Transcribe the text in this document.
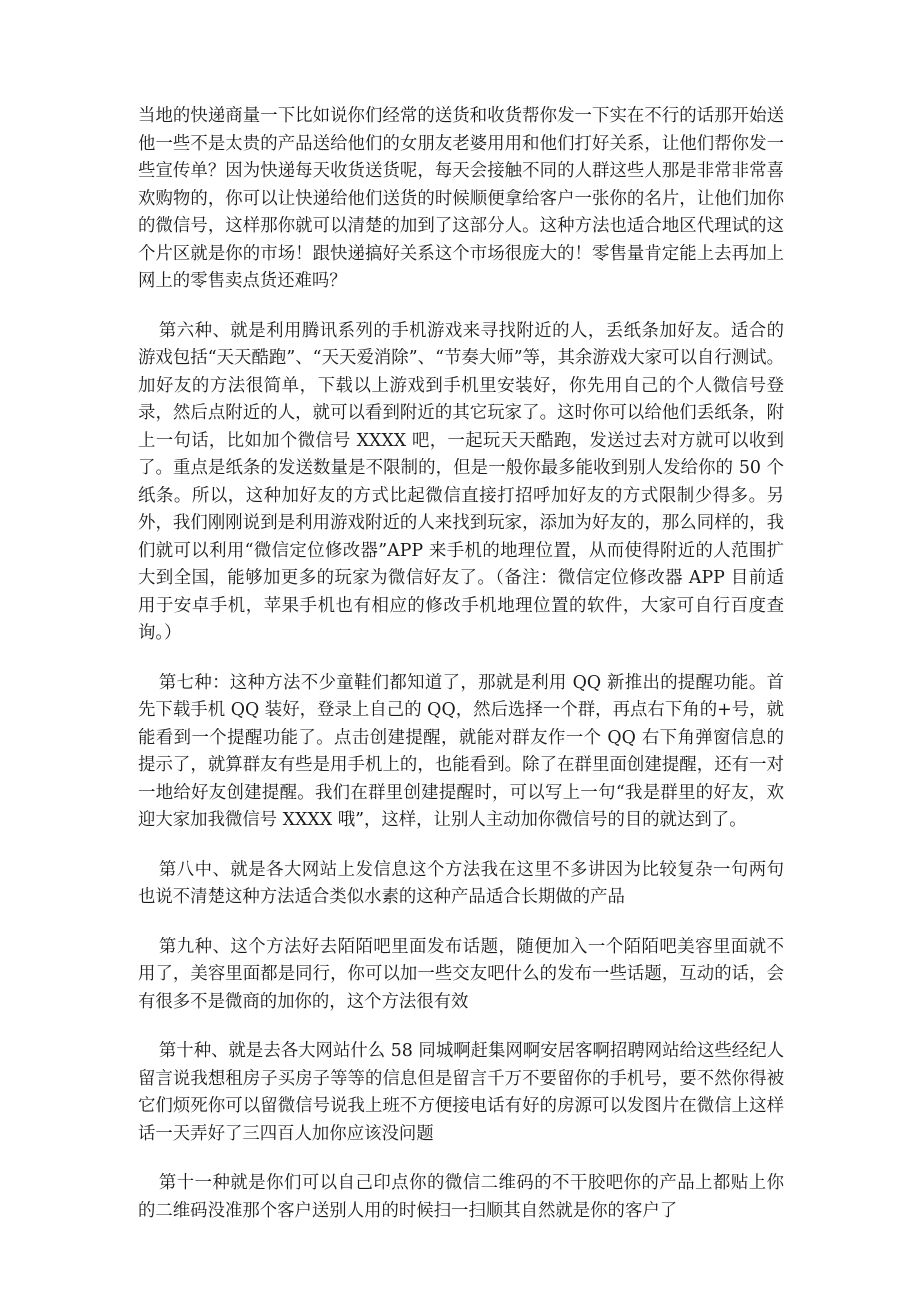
当地的快递商量一下比如说你们经常的送货和收货帮你发一下实在不行的话那开始送他一些不是太贵的产品送给他们的女朋友老婆用用和他们打好关系，让他们帮你发一些宣传单？因为快递每天收货送货呢，每天会接触不同的人群这些人那是非常非常喜欢购物的，你可以让快递给他们送货的时候顺便拿给客户一张你的名片，让他们加你的微信号，这样那你就可以清楚的加到了这部分人。这种方法也适合地区代理试的这个片区就是你的市场！跟快递搞好关系这个市场很庞大的！零售量肯定能上去再加上网上的零售卖点货还难吗？

第六种、就是利用腾讯系列的手机游戏来寻找附近的人，丢纸条加好友。适合的游戏包括“天天酷跑”、“天天爱消除”、“节奏大师”等，其余游戏大家可以自行测试。加好友的方法很简单，下载以上游戏到手机里安装好，你先用自己的个人微信号登录，然后点附近的人，就可以看到附近的其它玩家了。这时你可以给他们丢纸条，附上一句话，比如加个微信号 XXXX 吧，一起玩天天酷跑，发送过去对方就可以收到了。重点是纸条的发送数量是不限制的，但是一般你最多能收到别人发给你的 50 个纸条。所以，这种加好友的方式比起微信直接打招呼加好友的方式限制少得多。另外，我们刚刚说到是利用游戏附近的人来找到玩家，添加为好友的，那么同样的，我们就可以利用“微信定位修改器”APP 来手机的地理位置，从而使得附近的人范围扩大到全国，能够加更多的玩家为微信好友了。（备注：微信定位修改器 APP 目前适用于安卓手机，苹果手机也有相应的修改手机地理位置的软件，大家可自行百度查询。）

第七种：这种方法不少童鞋们都知道了，那就是利用 QQ 新推出的提醒功能。首先下载手机 QQ 装好，登录上自己的 QQ，然后选择一个群，再点右下角的+号，就能看到一个提醒功能了。点击创建提醒，就能对群友作一个 QQ 右下角弹窗信息的提示了，就算群友有些是用手机上的，也能看到。除了在群里面创建提醒，还有一对一地给好友创建提醒。我们在群里创建提醒时，可以写上一句“我是群里的好友，欢迎大家加我微信号 XXXX 哦”，这样，让别人主动加你微信号的目的就达到了。

第八中、就是各大网站上发信息这个方法我在这里不多讲因为比较复杂一句两句也说不清楚这种方法适合类似水素的这种产品适合长期做的产品

第九种、这个方法好去陌陌吧里面发布话题，随便加入一个陌陌吧美容里面就不用了，美容里面都是同行，你可以加一些交友吧什么的发布一些话题，互动的话，会有很多不是微商的加你的，这个方法很有效

第十种、就是去各大网站什么 58 同城啊赶集网啊安居客啊招聘网站给这些经纪人留言说我想租房子买房子等等的信息但是留言千万不要留你的手机号，要不然你得被它们烦死你可以留微信号说我上班不方便接电话有好的房源可以发图片在微信上这样话一天弄好了三四百人加你应该没问题

第十一种就是你们可以自己印点你的微信二维码的不干胶吧你的产品上都贴上你的二维码没准那个客户送别人用的时候扫一扫顺其自然就是你的客户了
